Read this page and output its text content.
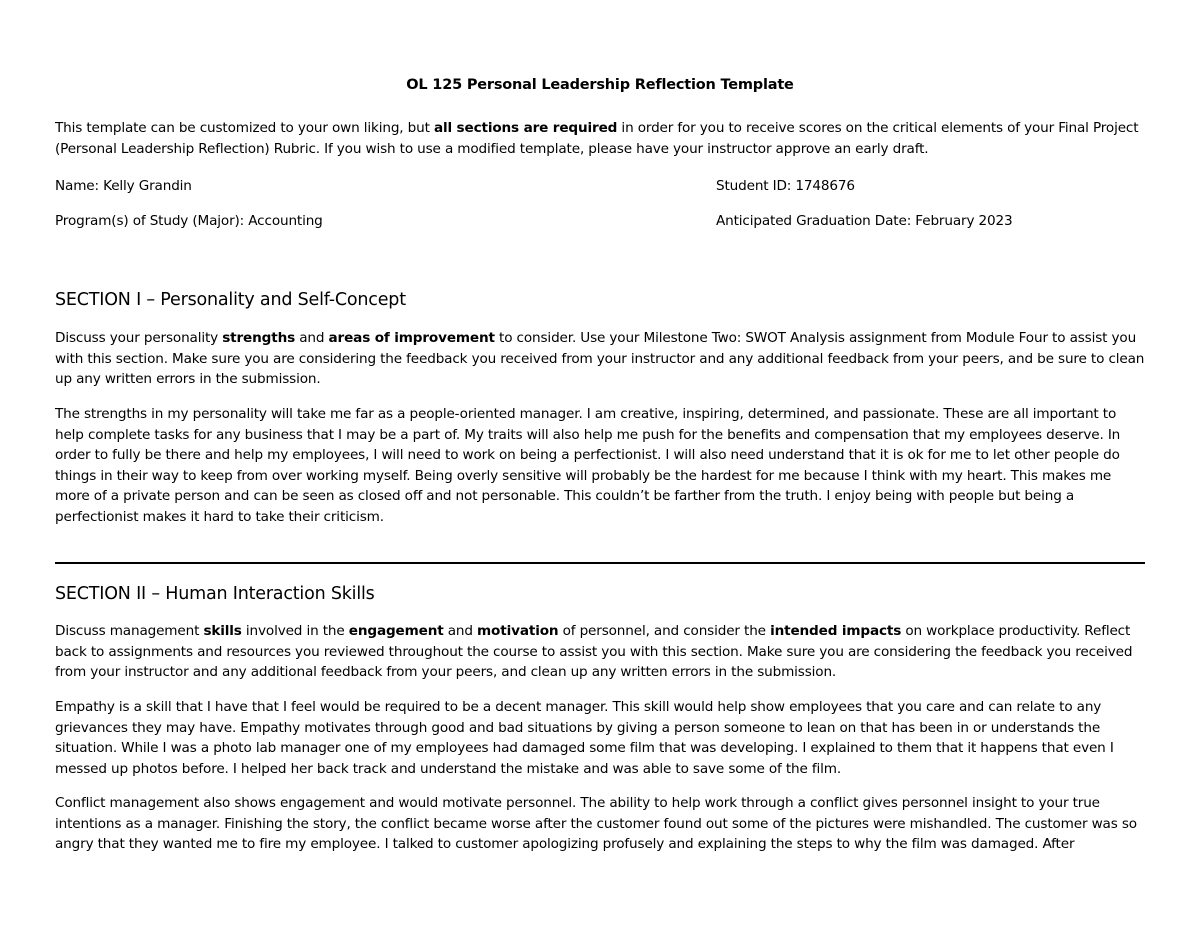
OL 125 Personal Leadership Reflection Template

This template can be customized to your own liking, but all sections are required in order for you to receive scores on the critical elements of your Final Project (Personal Leadership Reflection) Rubric. If you wish to use a modified template, please have your instructor approve an early draft.

Name: Kelly Grandin	Student ID: 1748676
Program(s) of Study (Major): Accounting	Anticipated Graduation Date: February 2023
SECTION I – Personality and Self-Concept

Discuss your personality strengths and areas of improvement to consider. Use your Milestone Two: SWOT Analysis assignment from Module Four to assist you with this section. Make sure you are considering the feedback you received from your instructor and any additional feedback from your peers, and be sure to clean up any written errors in the submission.

The strengths in my personality will take me far as a people-oriented manager. I am creative, inspiring, determined, and passionate. These are all important to help complete tasks for any business that I may be a part of. My traits will also help me push for the benefits and compensation that my employees deserve. In order to fully be there and help my employees, I will need to work on being a perfectionist. I will also need understand that it is ok for me to let other people do things in their way to keep from over working myself. Being overly sensitive will probably be the hardest for me because I think with my heart. This makes me more of a private person and can be seen as closed off and not personable. This couldn’t be farther from the truth. I enjoy being with people but being a perfectionist makes it hard to take their criticism.

SECTION II – Human Interaction Skills

Discuss management skills involved in the engagement and motivation of personnel, and consider the intended impacts on workplace productivity. Reflect back to assignments and resources you reviewed throughout the course to assist you with this section. Make sure you are considering the feedback you received from your instructor and any additional feedback from your peers, and clean up any written errors in the submission.

Empathy is a skill that I have that I feel would be required to be a decent manager. This skill would help show employees that you care and can relate to any grievances they may have. Empathy motivates through good and bad situations by giving a person someone to lean on that has been in or understands the situation. While I was a photo lab manager one of my employees had damaged some film that was developing. I explained to them that it happens that even I messed up photos before. I helped her back track and understand the mistake and was able to save some of the film.

Conflict management also shows engagement and would motivate personnel. The ability to help work through a conflict gives personnel insight to your true intentions as a manager. Finishing the story, the conflict became worse after the customer found out some of the pictures were mishandled. The customer was so angry that they wanted me to fire my employee. I talked to customer apologizing profusely and explaining the steps to why the film was damaged. After
